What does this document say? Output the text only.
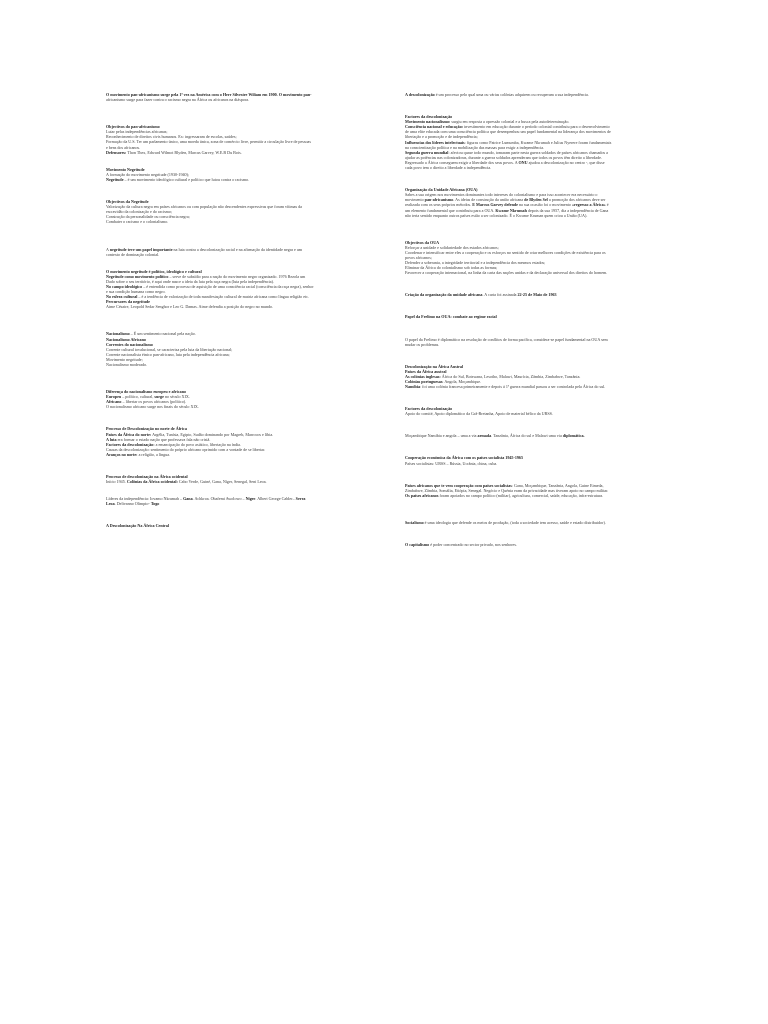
O movimento pan-africanismo surge pela 1ª vez na América com o Herr Silvestre Wiliam em 1900. O movimento pan-
africanismo surge para fazer contra o racismo negra na África ou africanos na diáspora.

Objectivos do pan-africanismo
Lutar pelas independências africanas;
Reconhecimento de direitos civis humanos. Ex: ingressaram de escolas, saúdes;
Formação da U.S. Ter um parlamento único, uma moeda única, zona de comércio livre, permitir a circulação livre de pessoas
e bens dos africanos.
Defensores: Thon Thex, Edward Wilmot Blyden, Marcus Garvey, W.E.B Du Bois.
Movimento Negritude
A formação do movimento negritude (1930-1940);
Negritude – é um movimento ideológico cultural e político que lutou contra o racismo.
Objectivos da Negritude
Valorização da cultura negra em países africanos ou com população não descendentes expressivas que foram vítimas da
escravidão da colonização e do racismo;
Construção da personalidade ou consciência negra;
Combater o racismo e o colonialismo.

A negritude teve um papel importante na luta contra a descolonização racial e na afirmação da identidade negra e um
contexto de dominação colonial.

O movimento negritude é político, ideológico e cultural
Negritude como movimento político – serve de subsídio para a nação do movimento negro organizado. 1976 Rezola um
Dado sobre o seu território, é aqui onde nasce a ideia da luta pela raça negra (luta pela independência).
No campo ideológico – é entendida como processo de aquisição de uma consciência racial (consciência da raça negra), senhor
e sua condição humana como negro.
No esfera cultural – é a tendência de valorização de toda manifestação cultural de matriz africana como língua religião etc.
Percursores da negritude
Aime Césaire, Leopold Sedar Senghor e Leo G. Damas. Aime defendia a posição do negro no mundo.
Nacionalismo – É um sentimento nacional pela nação.
Nacionalismo Africano
Correntes do nacionalismo
Corrente cultural tovalucional, se caracteriza pela luta da libertação nacional;
Corrente nacionalista étnico pan-africano, luta pela independência africana;
Movimento negritude;
Nacionalismo moderado.
Diferença do nacionalismo europeu e africano
Europeu – político, cultural, surge no século XIX.
Africano – libertar os povos africanos (político).
O nacionalismo africano surge nos finais do século XIX.
Processo de Descolonização no norte de África
Países da África do norte: Argélia, Tunísia, Egipto, Sudão dominando por Magreb, Marrocos e líbia.
A luta era formar o estado nação que professava fala não cristã.
Factores da descolonização: a emancipação do povo asiático, libertação na índia.
Causas da descolonização: sentimento do próprio africano oprimido com a vontade de se libertar.
Avanços no norte: a religião, a língua.
Processo de descolonização na África ocidental
Início 1945. Colônias da África ocidental: Cabo Verde, Guiné, Gana, Níger, Senegal, Seni Leoa.

Líderes da independência: Iovamo Nkrumah – Gana. Achkroa. Obafemi Awolowo – Níger. Albert George Cabler– Serra
Leoa. Delivanno Olimpio- Togo

A Descolonização Na África Central

A descolonização é um processo pelo qual uma ou várias colônias adquirem ou recuperam a sua independência.

Factores da descolonização
Movimento nacionalismo: surgiu em resposta a opressão colonial e a busca pela autodeterminação.
Consciência nacional e educação: investimento em educação durante o período colonial contribuiu para o desenvolvimento
de uma elite educada com uma consciência política que desempenhou um papel fundamental na liderança dos movimentos de
libertação e a promoção e de independência;
Influencias dos líderes intelectuais: figuras como Patrice Lumumba, Kwame Nkrumah e Julius Nyerere foram fundamentais
na conscientização política e na mobilização das massas para exigir a independência.
Segunda guerra mundial: afectou quase todo mundo, tomaram parte nesta guerra soldados de países africanos chamados a
ajudar as potências nas colonizadoras, durante a guerra soldados aprenderam que todos os povos têm direito a liberdade.
Regressado a África conseguem exigir a liberdade dos seus povos. A ONU ajudou a descolonização no centro -, que disse
cada povo tem o direito a liberdade a independência.
Organização da Unidade Africana (OUA)
Sabes a sua origem nos movimentos dominantes todo intereses do colonialismo e para isso acontecer era necessário o
movimento pan-africanismo. As ideias de construção da união africana de Blyden Sel a promoção dos africanos deve ser
realizada com os seus próprios métodos. E Marcus Garvey defende na sua ocasião foi o movimento «regresso a África» é
um elemento fundamental que contribuiu para a OUA. Kwame Nkrumah depois da sua 1957, dia a independência de Gana
não teria sentido enquanto outros países estão a ser colonizado. É o Kwame Kruman quem criou a União (UA).
Objectivos da OUA
Reforçar a unidade e solidariedade dos estados africanos;
Coordenar e intensificar entre eles a cooperação e os esforços no sentido de criar melhores condições de existência para os
povos africanos;
Defender a soberania, a integridade territorial e a independência dos mesmos estados;
Eliminar da África do colonialismo sob todas as formas;
Favorecer a cooperação internacional, na linha da carta das nações unidas e da declaração universal dos direitos do homem.

Criação da organização da unidade africana. A carta foi assinada 22-25 de Maio de 1963

Papel da Frelimo na OUA: combate ao regime racial
O papel da Frelimo é diplomático na resolução de conflitos de forma pacífica, considera-se papel fundamental na OUA sem
mudar os problemas.
Descolonização na África Austral
Países da África austral
As colónias inglesas: África do Sul, Botswana, Lesotho, Malawi, Maurícia, Zâmbia, Zimbabwe, Tanzânia.
Colónias portuguesas: Angola, Moçambique.
Namíbia: foi uma colónia francesa primeiramente e depois á 1ª guerra mundial passou a ser controlada pela África do sul.
Factores da descolonização
Apoio do comité, Apoio diplomático da Grã-Bretanha, Apoio de material bélico da URSS.

Moçambique Namíbia e angola – uma a via armada. Tanzânia, África do sul e Malawi uma via diplomática.

Cooperação económica da África com os países socialista 1945-1965
Países socialistas: URSS – Rússia, Ucrânia, china, cuba.
Países africanos que te vem cooperação com países socialistas: Gana, Moçambique, Tanzânia, Angola, Guine Eimeda,
Zimbabwe, Zâmbia, Somália, Etiópia, Senegal. Negócio e Quénia eram da privacidade mas tiveram apoio no campo militar.
Os países africanos foram apoiados no campo político (militar), agricultura, comercial, saúde, educação, infra-estrutura.

Socialismo é uma ideologia que defende os meios de produção, (toda a sociedade tem acesso, saúde e estado distribuidor).

O capitalismo é poder concentrado no sector privado, nos senhores.
